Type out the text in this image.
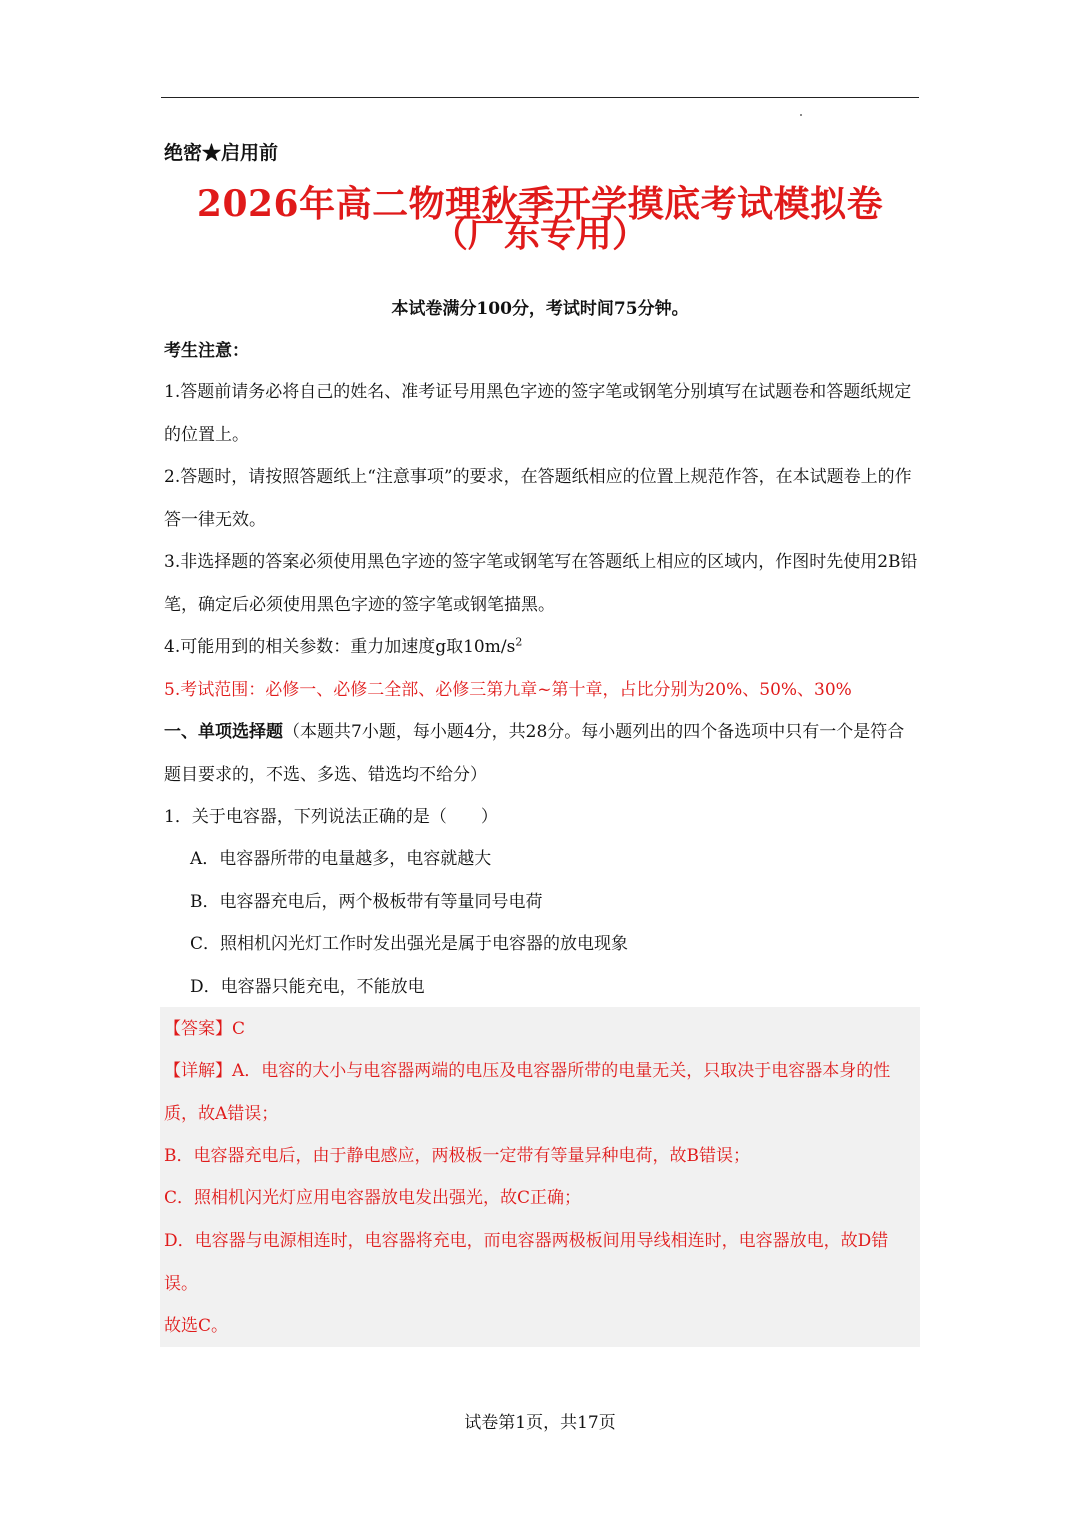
绝密★启用前
2026年高二物理秋季开学摸底考试模拟卷
（广东专用）
本试卷满分100分，考试时间75分钟。
考生注意：
1.答题前请务必将自己的姓名、准考证号用黑色字迹的签字笔或钢笔分别填写在试题卷和答题纸规定的位置上。
2.答题时，请按照答题纸上“注意事项”的要求，在答题纸相应的位置上规范作答，在本试题卷上的作答一律无效。
3.非选择题的答案必须使用黑色字迹的签字笔或钢笔写在答题纸上相应的区域内，作图时先使用2B铅笔，确定后必须使用黑色字迹的签字笔或钢笔描黑。
4.可能用到的相关参数：重力加速度g取$10m/s^2$
5.考试范围：必修一、必修二全部、必修三第九章~第十章，占比分别为20%、50%、30%
一、单项选择题（本题共7小题，每小题4分，共28分。每小题列出的四个备选项中只有一个是符合题目要求的，不选、多选、错选均不给分）
1．关于电容器，下列说法正确的是（　　）
A．电容器所带的电量越多，电容就越大
B．电容器充电后，两个极板带有等量同号电荷
C．照相机闪光灯工作时发出强光是属于电容器的放电现象
D．电容器只能充电，不能放电
【答案】C
【详解】A．电容的大小与电容器两端的电压及电容器所带的电量无关，只取决于电容器本身的性质，故A错误；
B．电容器充电后，由于静电感应，两极板一定带有等量异种电荷，故B错误；
C．照相机闪光灯应用电容器放电发出强光，故C正确；
D．电容器与电源相连时，电容器将充电，而电容器两极板间用导线相连时，电容器放电，故D错误。
故选C。
试卷第1页，共17页
